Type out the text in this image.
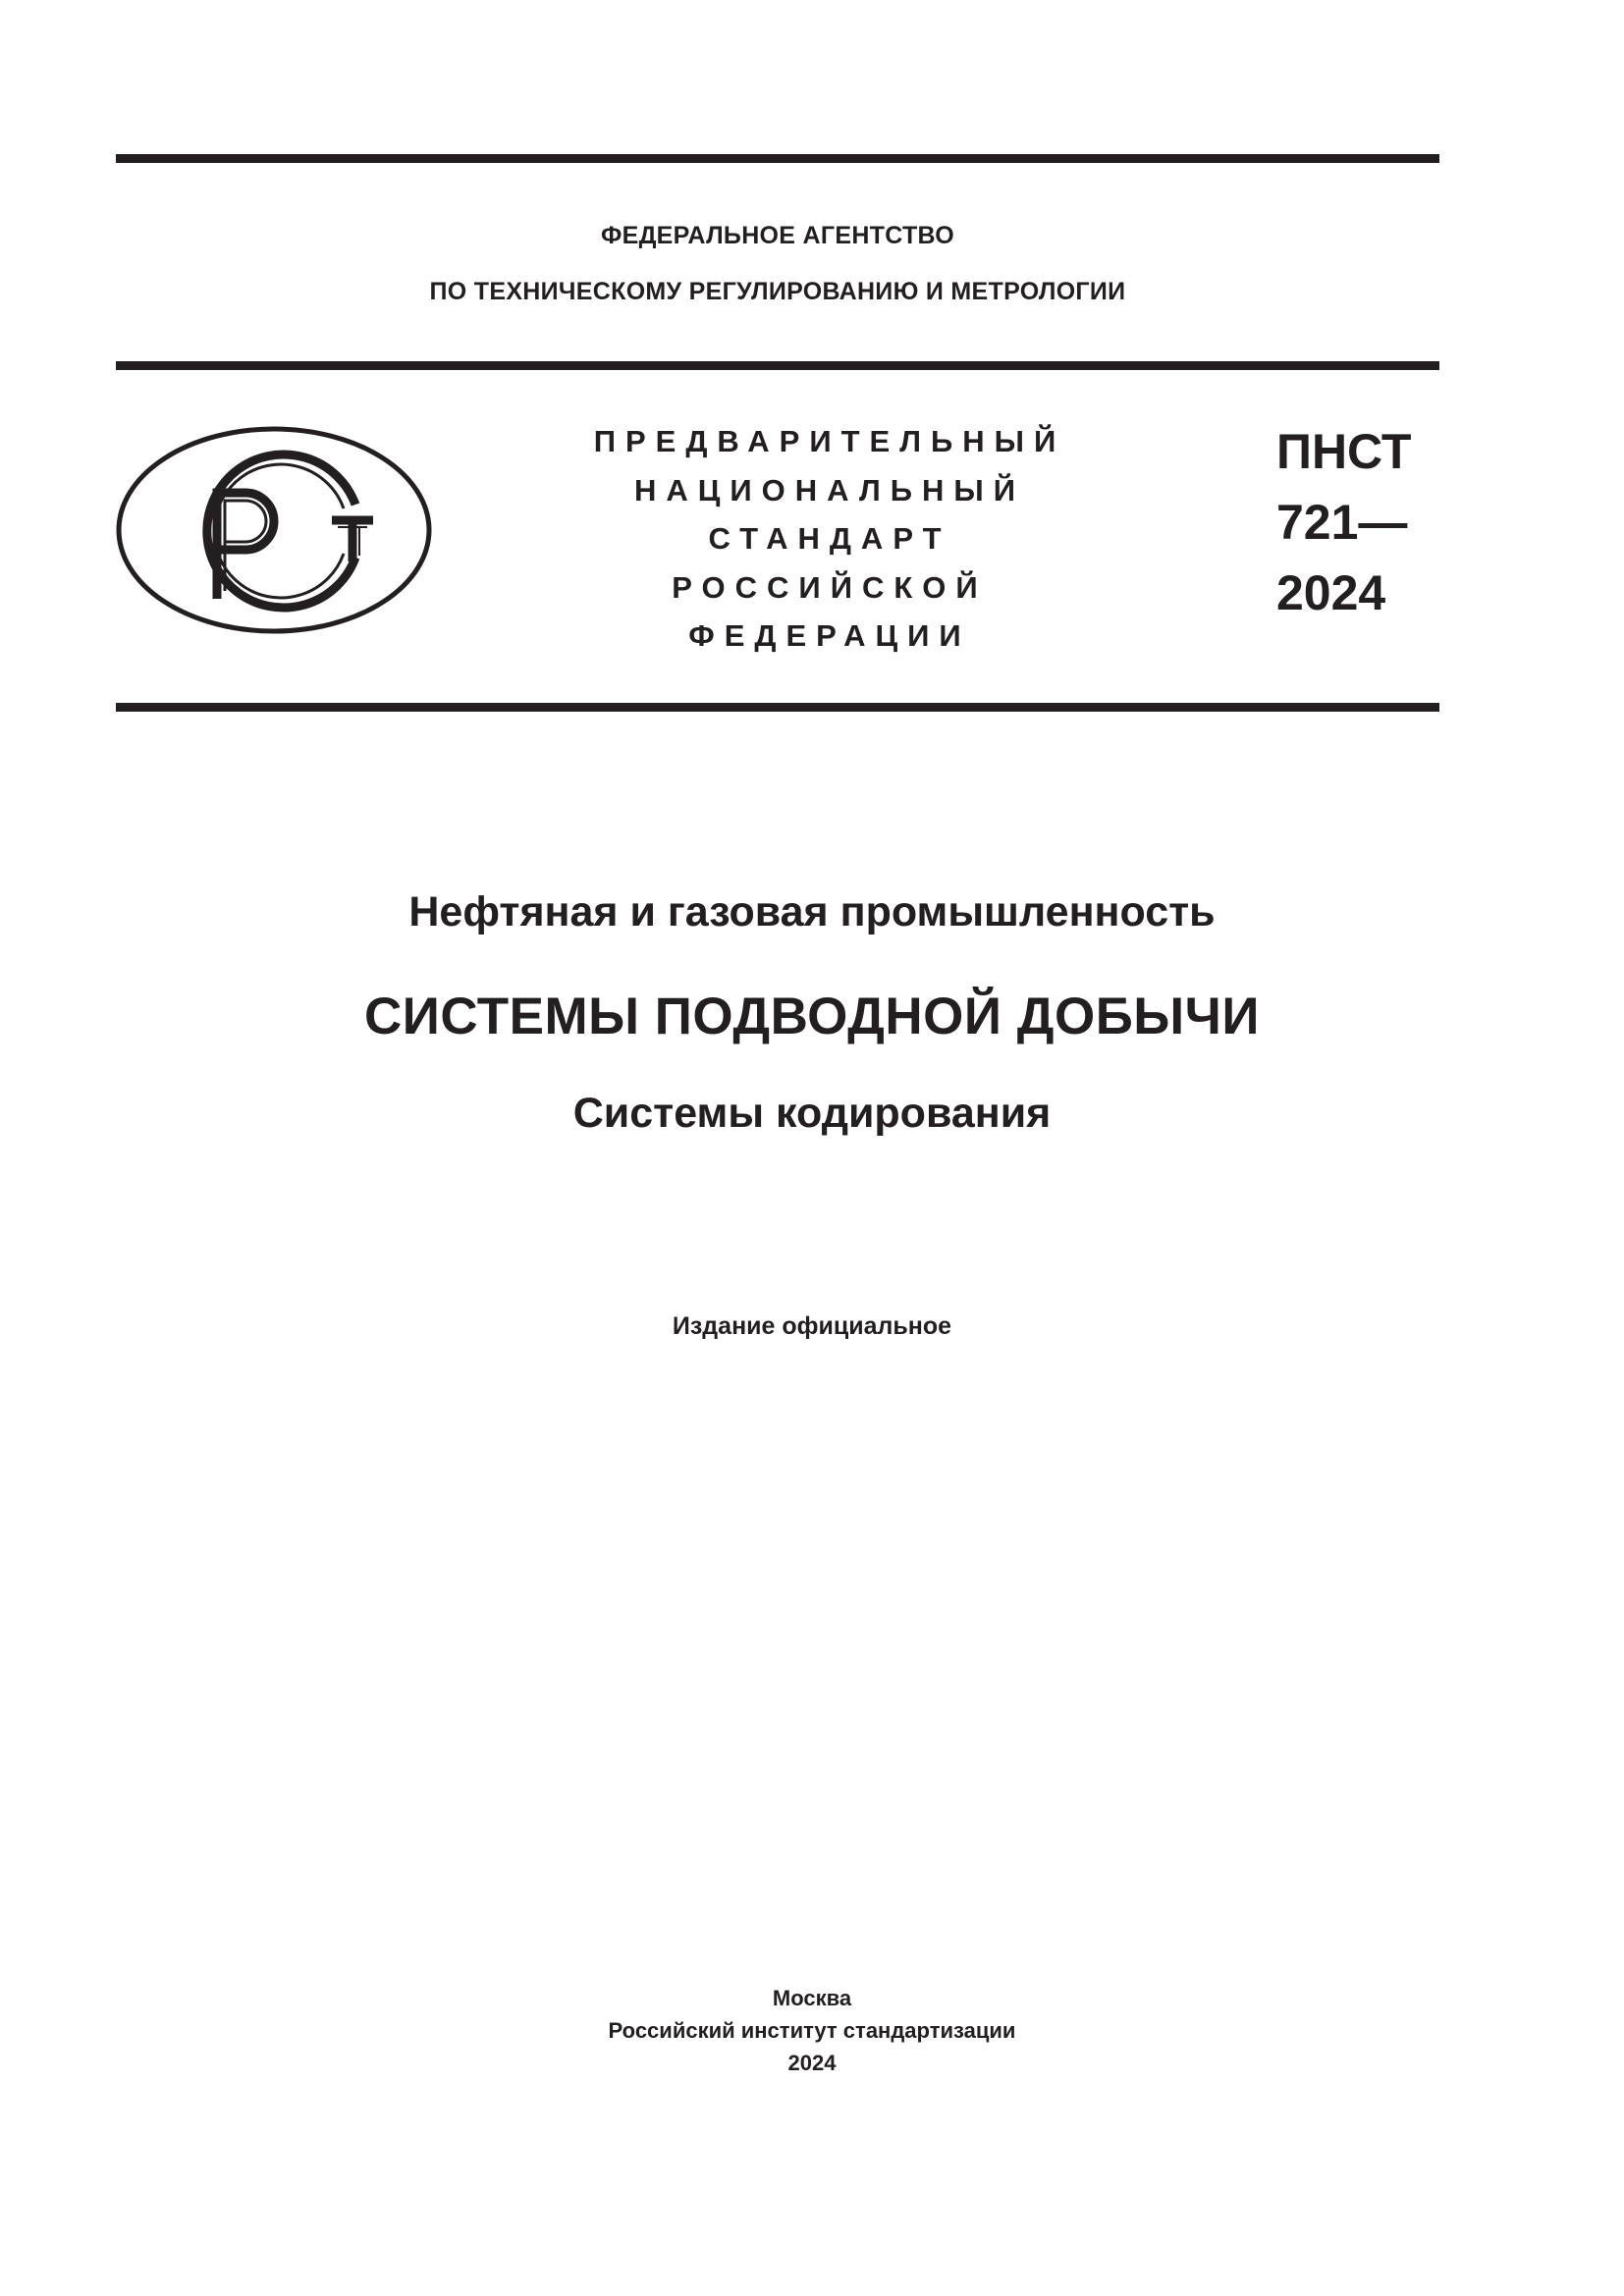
ФЕДЕРАЛЬНОЕ АГЕНТСТВО
ПО ТЕХНИЧЕСКОМУ РЕГУЛИРОВАНИЮ И МЕТРОЛОГИИ
ПРЕДВАРИТЕЛЬНЫЙ
НАЦИОНАЛЬНЫЙ
СТАНДАРТ
РОССИЙСКОЙ
ФЕДЕРАЦИИ
ПНСТ
721—
2024
Нефтяная и газовая промышленность
СИСТЕМЫ ПОДВОДНОЙ ДОБЫЧИ
Системы кодирования
Издание официальное
Москва
Российский институт стандартизации
2024
